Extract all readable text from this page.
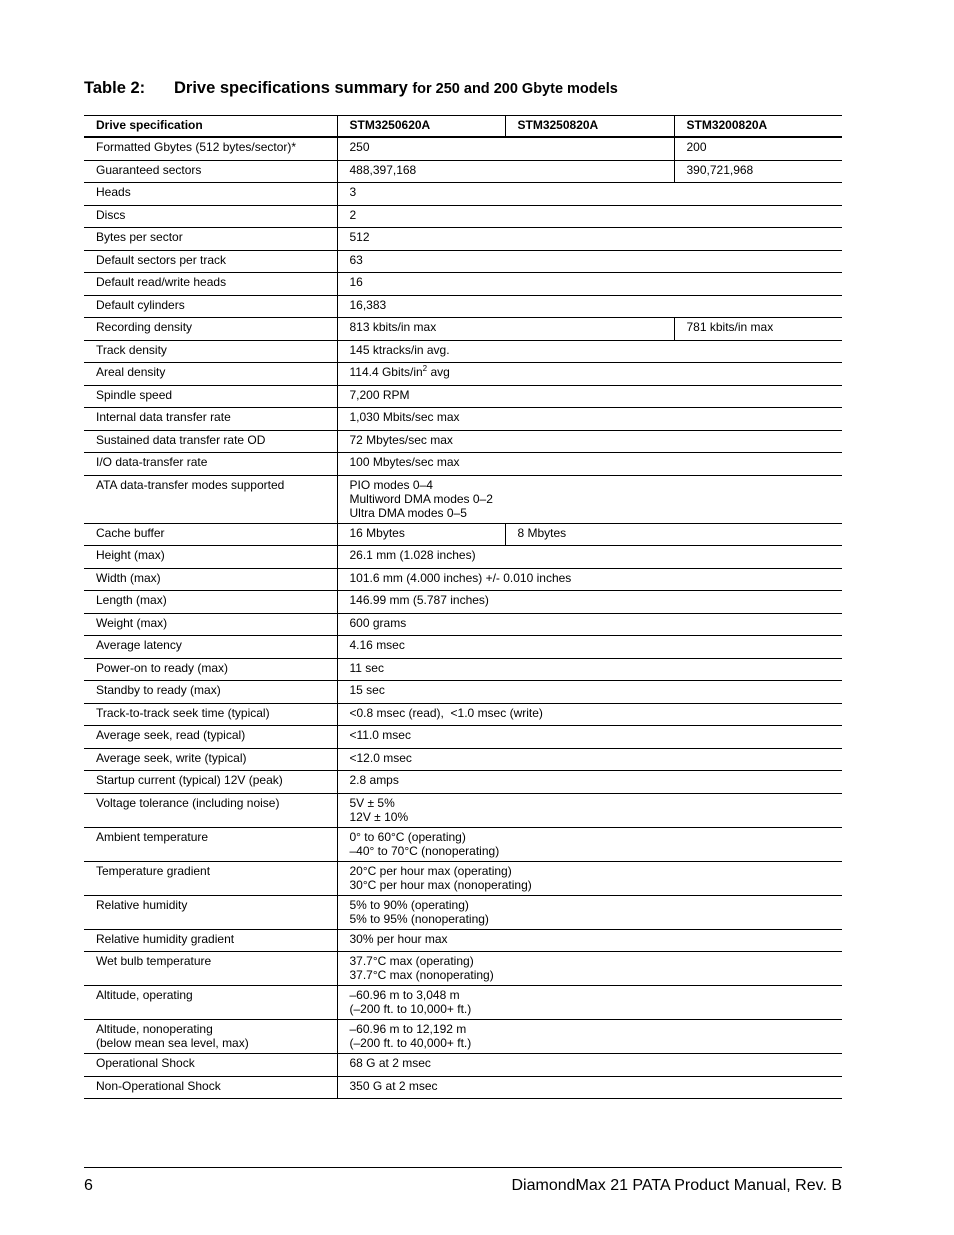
Table 2: Drive specifications summary for 250 and 200 Gbyte models
Drive specification	STM3250620A	STM3250820A	STM3200820A
Formatted Gbytes (512 bytes/sector)*	250		200
Guaranteed sectors	488,397,168		390,721,968
Heads	3		
Discs	2		
Bytes per sector	512		
Default sectors per track	63		
Default read/write heads	16		
Default cylinders	16,383		
Recording density	813 kbits/in max		781 kbits/in max
Track density	145 ktracks/in avg.		
Areal density	114.4 Gbits/$in^2$ avg		
Spindle speed	7,200 RPM		
Internal data transfer rate	1,030 Mbits/sec max		
Sustained data transfer rate OD	72 Mbytes/sec max		
I/O data-transfer rate	100 Mbytes/sec max		
ATA data-transfer modes supported	PIO modes 0–4
Multiword DMA modes 0–2
Ultra DMA modes 0–5		

Cache buffer	16 Mbytes	8 Mbytes	
Height (max)	26.1 mm (1.028 inches)		
Width (max)	101.6 mm (4.000 inches) +/- 0.010 inches		
Length (max)	146.99 mm (5.787 inches)		
Weight (max)	600 grams		
Average latency	4.16 msec		
Power-on to ready (max)	11 sec		
Standby to ready (max)	15 sec		
Track-to-track seek time (typical)	<0.8 msec (read),  <1.0 msec (write)		
Average seek, read (typical)	<11.0 msec		
Average seek, write (typical)	<12.0 msec		
Startup current (typical) 12V (peak)	2.8 amps		
Voltage tolerance (including noise)	5V ± 5%
12V ± 10%		

Ambient temperature	0° to 60°C (operating)
–40° to 70°C (nonoperating)		

Temperature gradient	20°C per hour max (operating)
30°C per hour max (nonoperating)		

Relative humidity	5% to 90% (operating)
5% to 95% (nonoperating)		

Relative humidity gradient	30% per hour max		
Wet bulb temperature	37.7°C max (operating)
37.7°C max (nonoperating)		

Altitude, operating	–60.96 m to 3,048 m
(–200 ft. to 10,000+ ft.)		

Altitude, nonoperating
(below mean sea level, max)	–60.96 m to 12,192 m
(–200 ft. to 40,000+ ft.)		

Operational Shock	68 G at 2 msec		
Non-Operational Shock	350 G at 2 msec		
6	DiamondMax 21 PATA Product Manual, Rev. B
